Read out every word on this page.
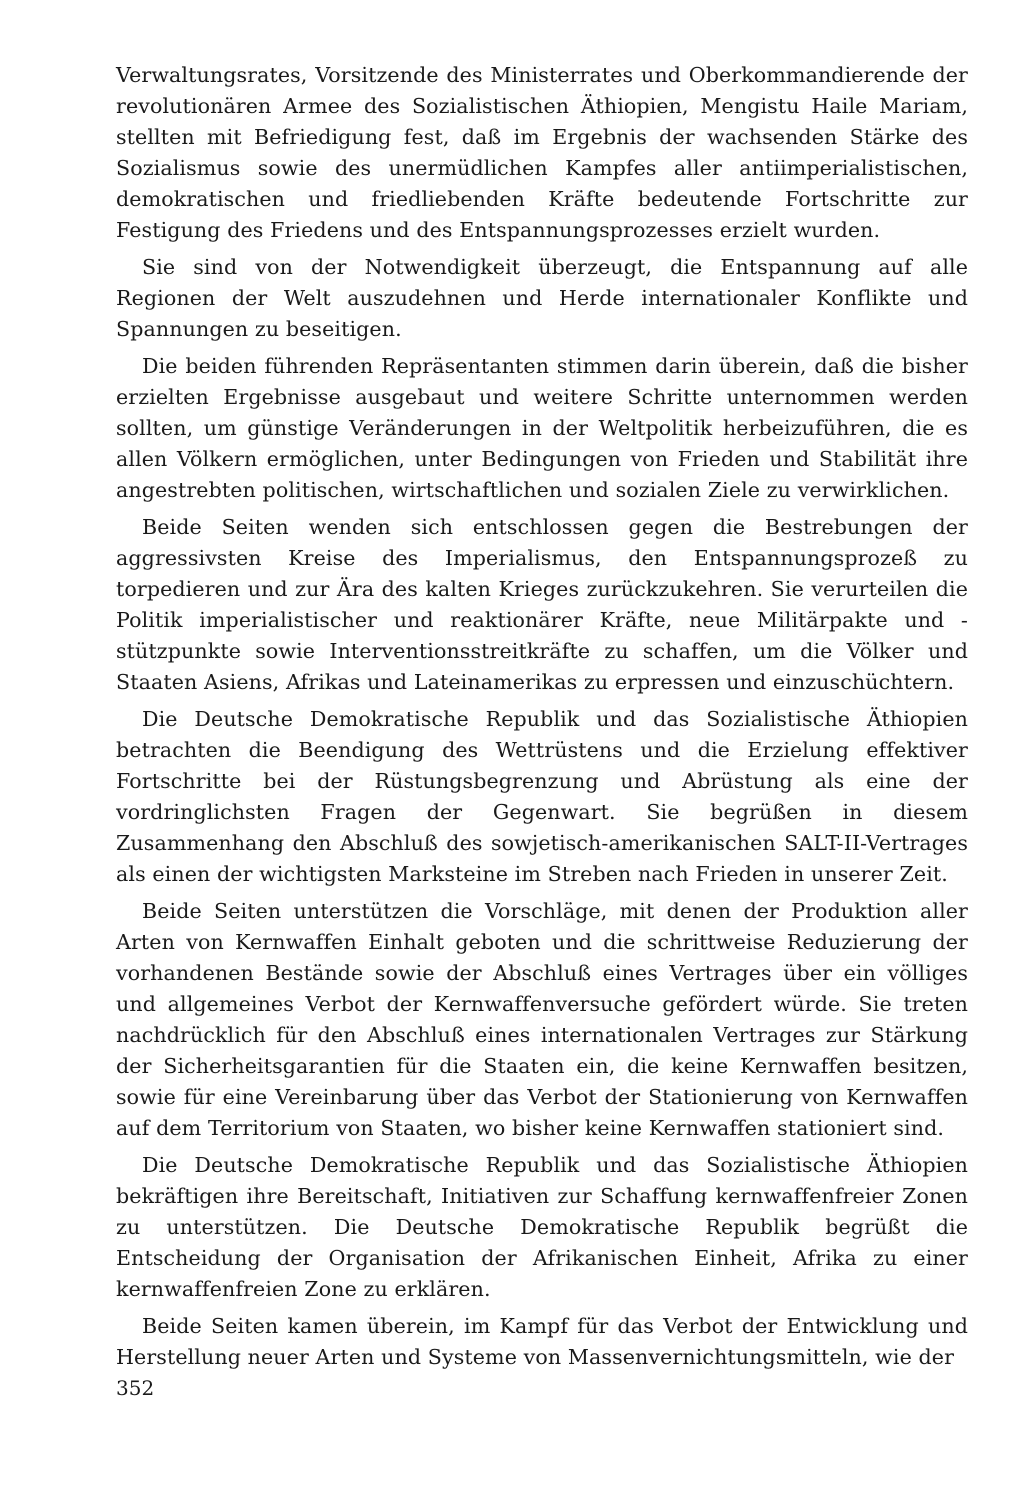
Verwaltungsrates, Vorsitzende des Ministerrates und Oberkommandierende der revolutionären Armee des Sozialistischen Äthiopien, Mengistu Haile Mariam, stellten mit Befriedigung fest, daß im Ergebnis der wachsenden Stärke des Sozialismus sowie des unermüdlichen Kampfes aller antiimperialistischen, demokratischen und friedliebenden Kräfte bedeutende Fortschritte zur Festigung des Friedens und des Entspannungsprozesses erzielt wurden.

Sie sind von der Notwendigkeit überzeugt, die Entspannung auf alle Regionen der Welt auszudehnen und Herde internationaler Konflikte und Spannungen zu beseitigen.

Die beiden führenden Repräsentanten stimmen darin überein, daß die bisher erzielten Ergebnisse ausgebaut und weitere Schritte unternommen werden sollten, um günstige Veränderungen in der Weltpolitik herbeizuführen, die es allen Völkern ermöglichen, unter Bedingungen von Frieden und Stabilität ihre angestrebten politischen, wirtschaftlichen und sozialen Ziele zu verwirklichen.

Beide Seiten wenden sich entschlossen gegen die Bestrebungen der aggressivsten Kreise des Imperialismus, den Entspannungsprozeß zu torpedieren und zur Ära des kalten Krieges zurückzukehren. Sie verurteilen die Politik imperialistischer und reaktionärer Kräfte, neue Militärpakte und -stützpunkte sowie Interventionsstreitkräfte zu schaffen, um die Völker und Staaten Asiens, Afrikas und Lateinamerikas zu erpressen und einzuschüchtern.

Die Deutsche Demokratische Republik und das Sozialistische Äthiopien betrachten die Beendigung des Wettrüstens und die Erzielung effektiver Fortschritte bei der Rüstungsbegrenzung und Abrüstung als eine der vordringlichsten Fragen der Gegenwart. Sie begrüßen in diesem Zusammenhang den Abschluß des sowjetisch-amerikanischen SALT-II-Vertrages als einen der wichtigsten Marksteine im Streben nach Frieden in unserer Zeit.

Beide Seiten unterstützen die Vorschläge, mit denen der Produktion aller Arten von Kernwaffen Einhalt geboten und die schrittweise Reduzierung der vorhandenen Bestände sowie der Abschluß eines Vertrages über ein völliges und allgemeines Verbot der Kernwaffenversuche gefördert würde. Sie treten nachdrücklich für den Abschluß eines internationalen Vertrages zur Stärkung der Sicherheitsgarantien für die Staaten ein, die keine Kernwaffen besitzen, sowie für eine Vereinbarung über das Verbot der Stationierung von Kernwaffen auf dem Territorium von Staaten, wo bisher keine Kernwaffen stationiert sind.

Die Deutsche Demokratische Republik und das Sozialistische Äthiopien bekräftigen ihre Bereitschaft, Initiativen zur Schaffung kernwaffenfreier Zonen zu unterstützen. Die Deutsche Demokratische Republik begrüßt die Entscheidung der Organisation der Afrikanischen Einheit, Afrika zu einer kernwaffenfreien Zone zu erklären.

Beide Seiten kamen überein, im Kampf für das Verbot der Entwicklung und Herstellung neuer Arten und Systeme von Massenvernichtungsmitteln, wie der

352
